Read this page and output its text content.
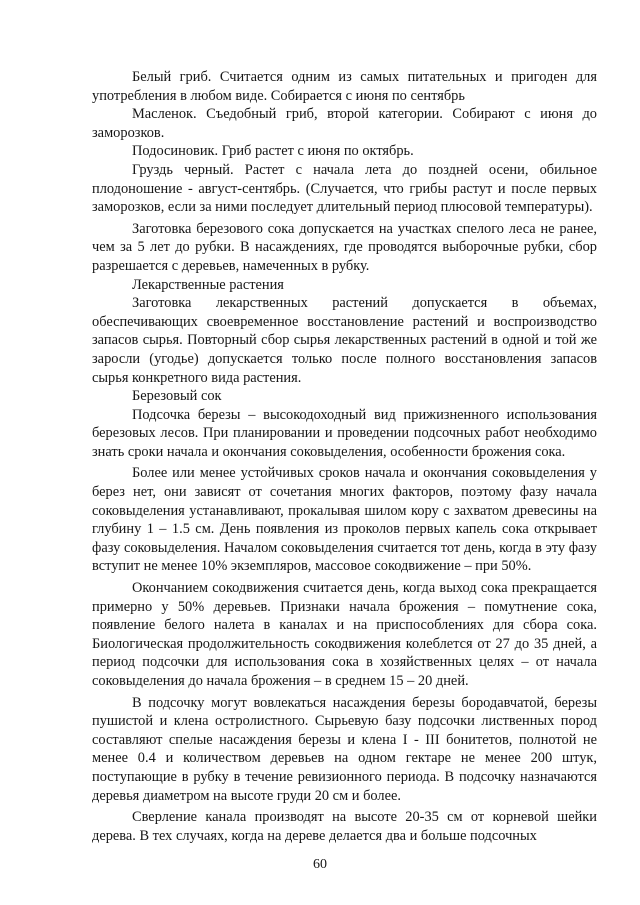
Белый гриб. Считается одним из самых питательных и пригоден для употребления в любом виде. Собирается с июня по сентябрь

Масленок. Съедобный гриб, второй категории. Собирают с июня до заморозков.

Подосиновик. Гриб растет с июня по октябрь.

Груздь черный. Растет с начала лета до поздней осени, обильное плодоношение - август-сентябрь. (Случается, что грибы растут и после первых заморозков, если за ними последует длительный период плюсовой температуры).

Заготовка березового сока допускается на участках спелого леса не ранее, чем за 5 лет до рубки. В насаждениях, где проводятся выборочные рубки, сбор разрешается с деревьев, намеченных в рубку.

Лекарственные растения

Заготовка лекарственных растений допускается в объемах, обеспечивающих своевременное восстановление растений и воспроизводство запасов сырья. Повторный сбор сырья лекарственных растений в одной и той же заросли (угодье) допускается только после полного восстановления запасов сырья конкретного вида растения.

Березовый сок

Подсочка березы – высокодоходный вид прижизненного использования березовых лесов. При планировании и проведении подсочных работ необходимо знать сроки начала и окончания соковыделения, особенности брожения сока.

Более или менее устойчивых сроков начала и окончания соковыделения у берез нет, они зависят от сочетания многих факторов, поэтому фазу начала соковыделения устанавливают, прокалывая шилом кору с захватом древесины на глубину 1 – 1.5 см. День появления из проколов первых капель сока открывает фазу соковыделения. Началом соковыделения считается тот день, когда в эту фазу вступит не менее 10% экземпляров, массовое сокодвижение – при 50%.

Окончанием сокодвижения считается день, когда выход сока прекращается примерно у 50% деревьев. Признаки начала брожения – помутнение сока, появление белого налета в каналах и на приспособлениях для сбора сока. Биологическая продолжительность сокодвижения колеблется от 27 до 35 дней, а период подсочки для использования сока в хозяйственных целях – от начала соковыделения до начала брожения – в среднем 15 – 20 дней.

В подсочку могут вовлекаться насаждения березы бородавчатой, березы пушистой и клена остролистного. Сырьевую базу подсочки лиственных пород составляют спелые насаждения березы и клена I - III бонитетов, полнотой не менее 0.4 и количеством деревьев на одном гектаре не менее 200 штук, поступающие в рубку в течение ревизионного периода. В подсочку назначаются деревья диаметром на высоте груди 20 см и более.

Сверление канала производят на высоте 20-35 см от корневой шейки дерева. В тех случаях, когда на дереве делается два и больше подсочных

60
